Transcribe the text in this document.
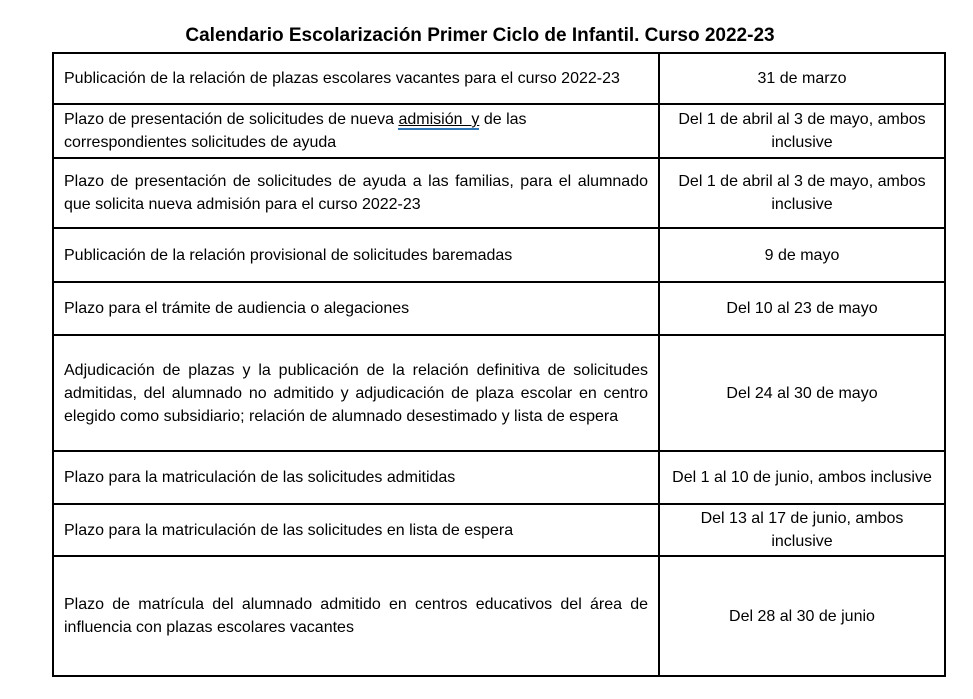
Calendario Escolarización Primer Ciclo de Infantil. Curso 2022-23
Publicación de la relación de plazas escolares vacantes para el curso 2022-23	31 de marzo
Plazo de presentación de solicitudes de nueva admisión  y de las correspondientes solicitudes de ayuda	Del 1 de abril al 3 de mayo, ambos inclusive
Plazo de presentación de solicitudes de ayuda a las familias, para el alumnado que solicita nueva admisión para el curso 2022-23	Del 1 de abril al 3 de mayo, ambos inclusive
Publicación de la relación provisional de solicitudes baremadas	9 de mayo
Plazo para el trámite de audiencia o alegaciones	Del 10 al 23 de mayo
Adjudicación de plazas y la publicación de la relación definitiva de solicitudes admitidas, del alumnado no admitido y adjudicación de plaza escolar en centro elegido como subsidiario; relación de alumnado desestimado y lista de espera	Del 24 al 30 de mayo
Plazo para la matriculación de las solicitudes admitidas	Del 1 al 10 de junio, ambos inclusive
Plazo para la matriculación de las solicitudes en lista de espera	Del 13 al 17 de junio, ambos inclusive
Plazo de matrícula del alumnado admitido en centros educativos del área de influencia con plazas escolares vacantes	Del 28 al 30 de junio
